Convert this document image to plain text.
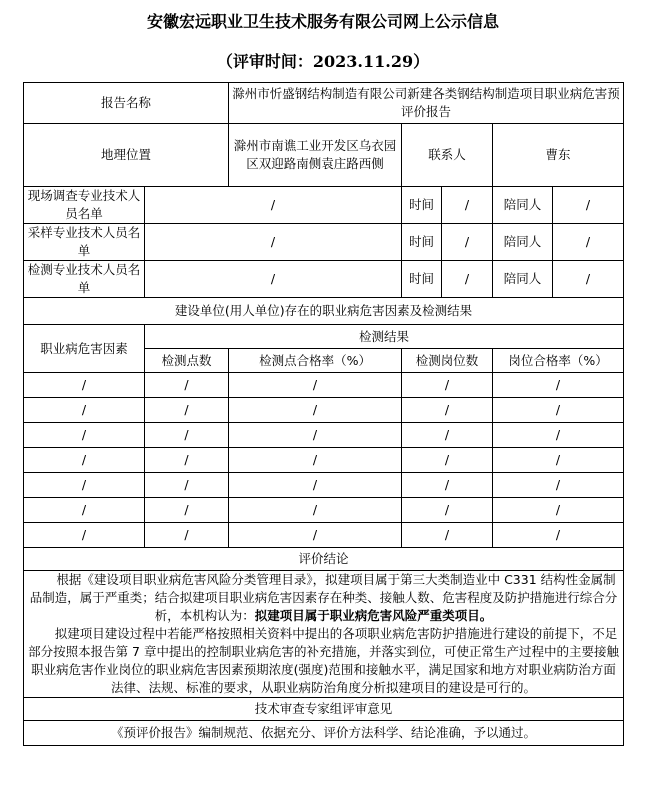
安徽宏远职业卫生技术服务有限公司网上公示信息
（评审时间：2023.11.29）
报告名称		滁州市忻盛钢结构制造有限公司新建各类钢结构制造项目职业病危害预评价报告				
地理位置		滁州市南谯工业开发区乌衣园区双迎路南侧袁庄路西侧	联系人		曹东	
现场调查专业技术人员名单	/		时间	/	陪同人	/
采样专业技术人员名单	/		时间	/	陪同人	/
检测专业技术人员名单	/		时间	/	陪同人	/
建设单位(用人单位)存在的职业病危害因素及检测结果						
职业病危害因素	检测结果					
	检测点数	检测点合格率（%）	检测岗位数		岗位合格率（%）	
/	/	/	/		/	
/	/	/	/		/	
/	/	/	/		/	
/	/	/	/		/	
/	/	/	/		/	
/	/	/	/		/	
/	/	/	/		/	
评价结论						

根据《建设项目职业病危害风险分类管理目录》，拟建项目属于第三大类制造业中 C331 结构性金属制品制造，属于严重类；结合拟建项目职业病危害因素存在种类、接触人数、危害程度及防护措施进行综合分析，本机构认为：拟建项目属于职业病危害风险严重类项目。

拟建项目建设过程中若能严格按照相关资料中提出的各项职业病危害防护措施进行建设的前提下，不足部分按照本报告第 7 章中提出的控制职业病危害的补充措施，并落实到位，可使正常生产过程中的主要接触职业病危害作业岗位的职业病危害因素预期浓度(强度)范围和接触水平，满足国家和地方对职业病防治方面法律、法规、标准的要求，从职业病防治角度分析拟建项目的建设是可行的。						

技术审查专家组评审意见						
《预评价报告》编制规范、依据充分、评价方法科学、结论准确，予以通过。						
